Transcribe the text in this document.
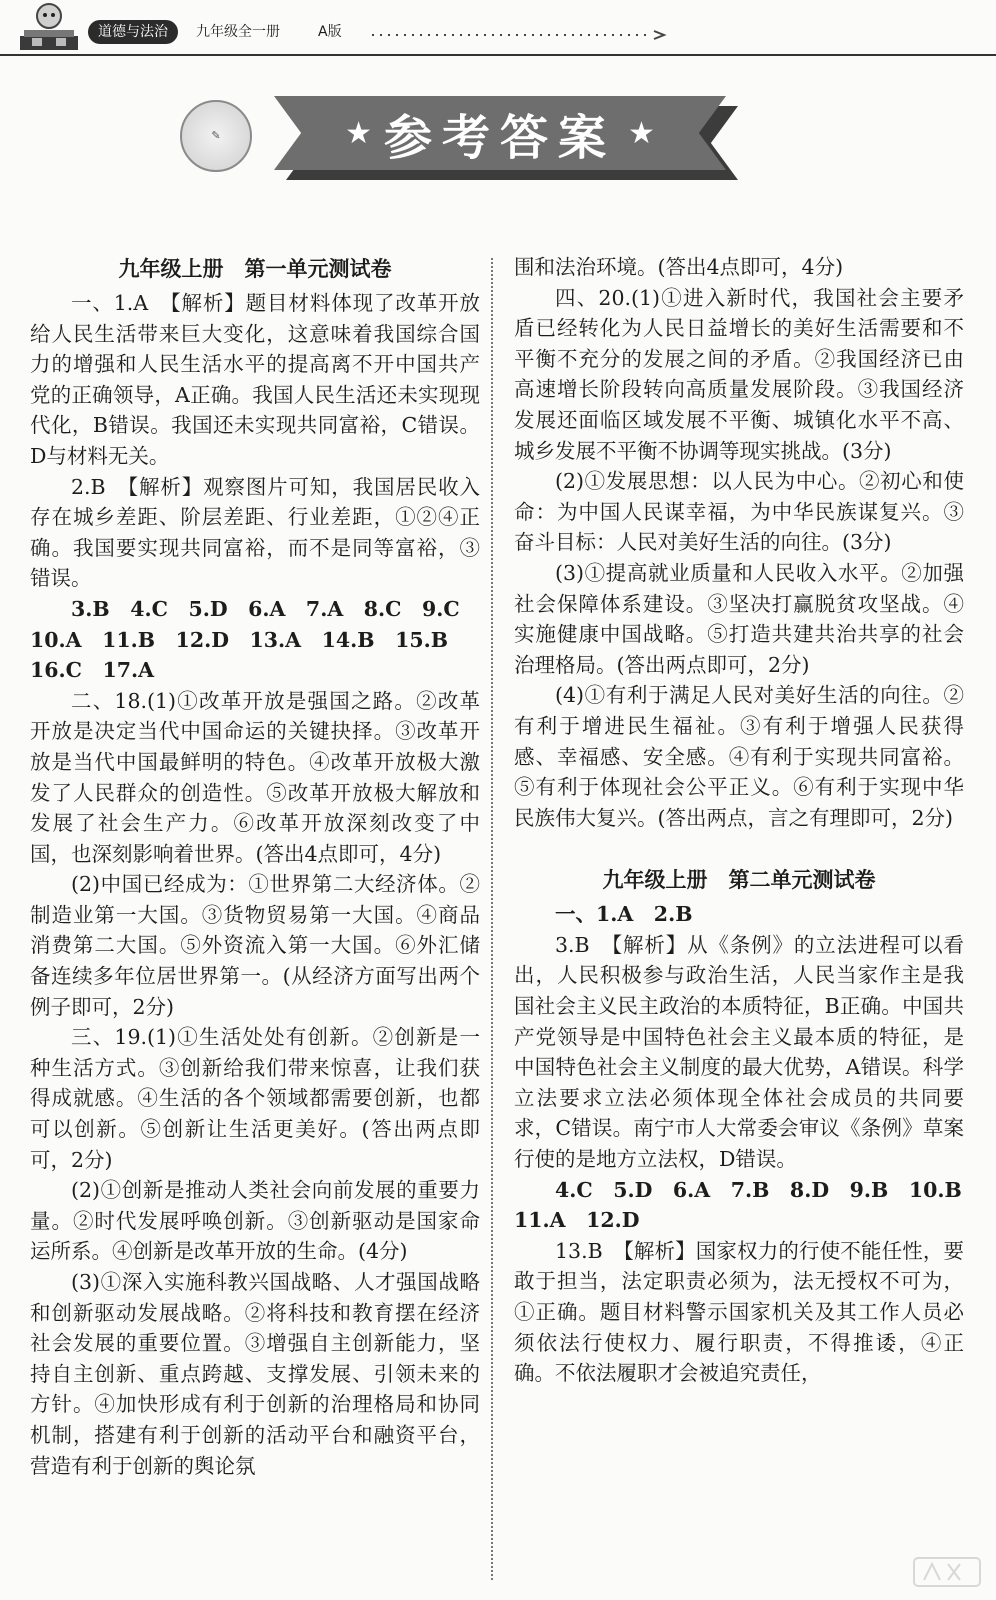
道德与法治	九年级全一册	A版
✎	★ 参考答案 ★
九年级上册　第一单元测试卷

一、1.A　【解析】题目材料体现了改革开放给人民生活带来巨大变化，这意味着我国综合国力的增强和人民生活水平的提高离不开中国共产党的正确领导，A正确。我国人民生活还未实现现代化，B错误。我国还未实现共同富裕，C错误。D与材料无关。

2.B　【解析】观察图片可知，我国居民收入存在城乡差距、阶层差距、行业差距，①②④正确。我国要实现共同富裕，而不是同等富裕，③错误。

3.B　4.C　5.D　6.A　7.A　8.C　9.C

10.A　11.B　12.D　13.A　14.B　15.B

16.C　17.A

二、18.(1)①改革开放是强国之路。②改革开放是决定当代中国命运的关键抉择。③改革开放是当代中国最鲜明的特色。④改革开放极大激发了人民群众的创造性。⑤改革开放极大解放和发展了社会生产力。⑥改革开放深刻改变了中国，也深刻影响着世界。(答出4点即可，4分)

(2)中国已经成为：①世界第二大经济体。②制造业第一大国。③货物贸易第一大国。④商品消费第二大国。⑤外资流入第一大国。⑥外汇储备连续多年位居世界第一。(从经济方面写出两个例子即可，2分)

三、19.(1)①生活处处有创新。②创新是一种生活方式。③创新给我们带来惊喜，让我们获得成就感。④生活的各个领域都需要创新，也都可以创新。⑤创新让生活更美好。(答出两点即可，2分)

(2)①创新是推动人类社会向前发展的重要力量。②时代发展呼唤创新。③创新驱动是国家命运所系。④创新是改革开放的生命。(4分)

(3)①深入实施科教兴国战略、人才强国战略和创新驱动发展战略。②将科技和教育摆在经济社会发展的重要位置。③增强自主创新能力，坚持自主创新、重点跨越、支撑发展、引领未来的方针。④加快形成有利于创新的治理格局和协同机制，搭建有利于创新的活动平台和融资平台，营造有利于创新的舆论氛

围和法治环境。(答出4点即可，4分)

四、20.(1)①进入新时代，我国社会主要矛盾已经转化为人民日益增长的美好生活需要和不平衡不充分的发展之间的矛盾。②我国经济已由高速增长阶段转向高质量发展阶段。③我国经济发展还面临区域发展不平衡、城镇化水平不高、城乡发展不平衡不协调等现实挑战。(3分)

(2)①发展思想：以人民为中心。②初心和使命：为中国人民谋幸福，为中华民族谋复兴。③奋斗目标：人民对美好生活的向往。(3分)

(3)①提高就业质量和人民收入水平。②加强社会保障体系建设。③坚决打赢脱贫攻坚战。④实施健康中国战略。⑤打造共建共治共享的社会治理格局。(答出两点即可，2分)

(4)①有利于满足人民对美好生活的向往。②有利于增进民生福祉。③有利于增强人民获得感、幸福感、安全感。④有利于实现共同富裕。⑤有利于体现社会公平正义。⑥有利于实现中华民族伟大复兴。(答出两点，言之有理即可，2分)

九年级上册　第二单元测试卷

一、1.A　2.B

3.B　【解析】从《条例》的立法进程可以看出，人民积极参与政治生活，人民当家作主是我国社会主义民主政治的本质特征，B正确。中国共产党领导是中国特色社会主义最本质的特征，是中国特色社会主义制度的最大优势，A错误。科学立法要求立法必须体现全体社会成员的共同要求，C错误。南宁市人大常委会审议《条例》草案行使的是地方立法权，D错误。

4.C　5.D　6.A　7.B　8.D　9.B　10.B

11.A　12.D

13.B　【解析】国家权力的行使不能任性，要敢于担当，法定职责必须为，法无授权不可为，①正确。题目材料警示国家机关及其工作人员必须依法行使权力、履行职责，不得推诿，④正确。不依法履职才会被追究责任，
